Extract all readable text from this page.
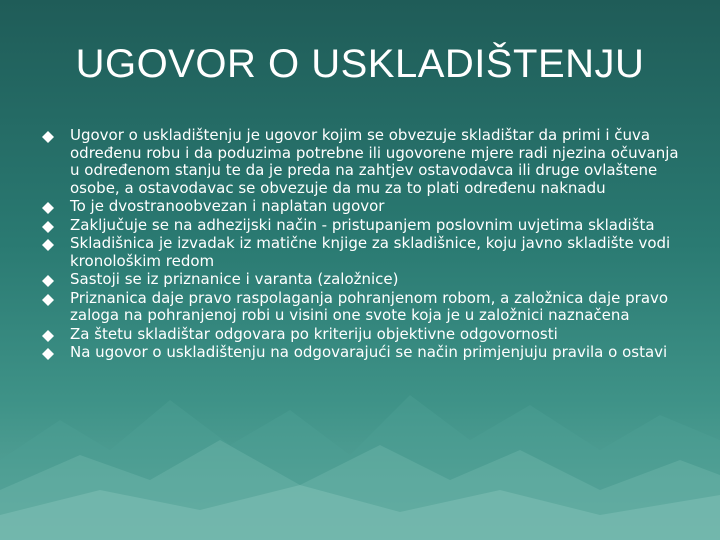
UGOVOR O USKLADIŠTENJU
Ugovor o uskladištenju je ugovor kojim se obvezuje skladištar da primi i čuva određenu robu i da poduzima potrebne ili ugovorene mjere radi njezina očuvanja u određenom stanju te da je preda na zahtjev ostavodavca ili druge ovlaštene osobe, a ostavodavac se obvezuje da mu za to plati određenu naknadu
To je dvostranoobvezan i naplatan ugovor
Zaključuje se na adhezijski način - pristupanjem poslovnim uvjetima skladišta
Skladišnica je izvadak iz matične knjige za skladišnice, koju javno skladište vodi kronološkim redom
Sastoji se iz priznanice i varanta (založnice)
Priznanica daje pravo raspolaganja pohranjenom robom, a založnica daje pravo zaloga na pohranjenoj robi u visini one svote koja je u založnici naznačena
Za štetu skladištar odgovara po kriteriju objektivne odgovornosti
Na ugovor o uskladištenju na odgovarajući se način primjenjuju pravila o ostavi
